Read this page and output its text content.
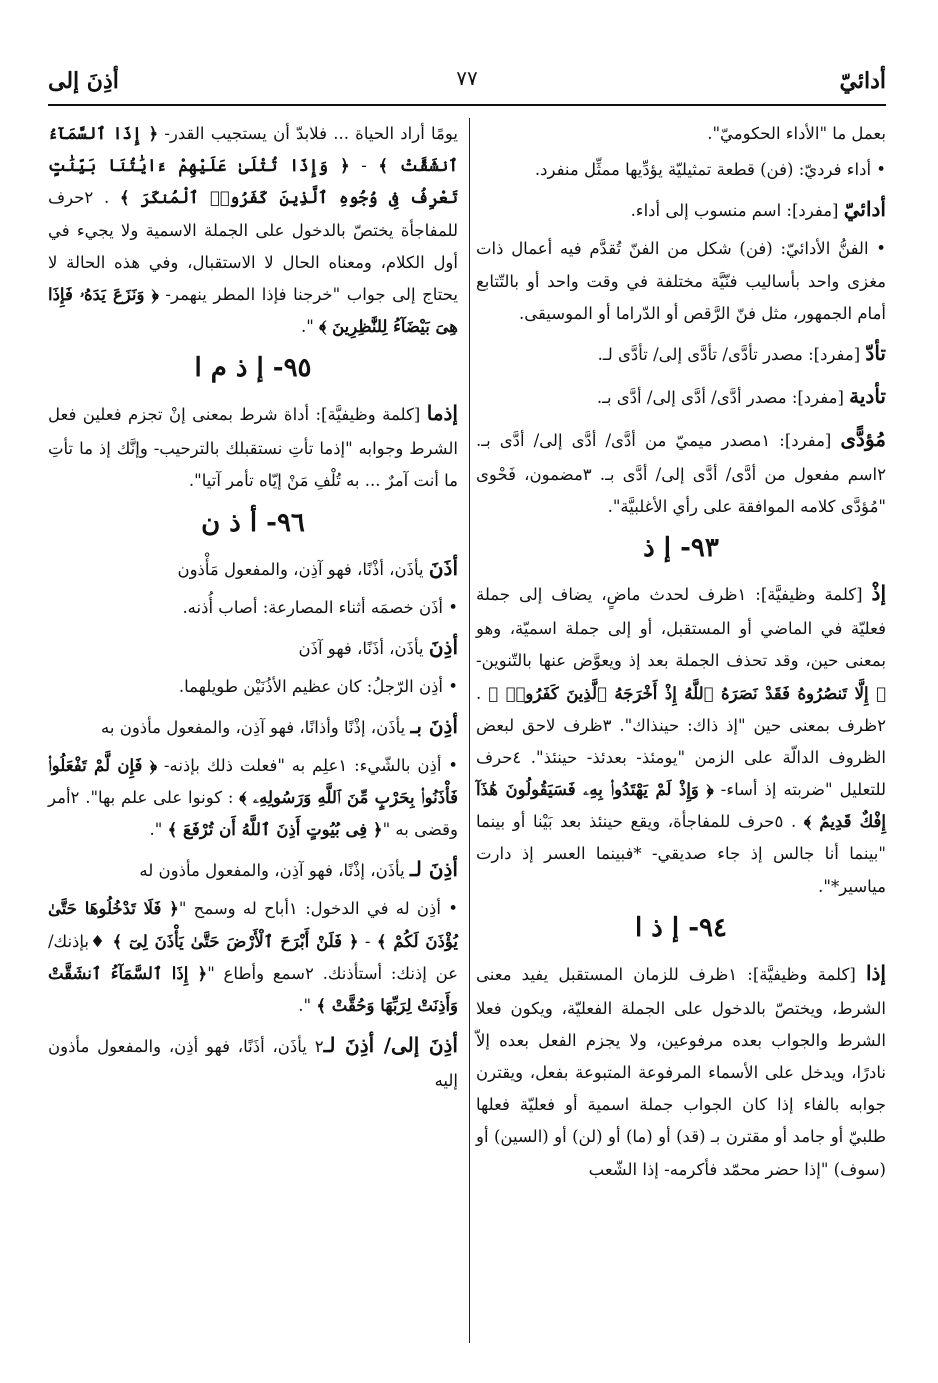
أدائيّ
٧٧
أذِنَ إلى

بعمل ما "الأداء الحكوميّ".

• أداء فرديّ: (فن) قطعة تمثيليّة يؤدِّيها ممثِّل منفرد.

أدائيّ [مفرد]: اسم منسوب إلى أداء.

• الفنُّ الأدائيّ: (فن) شكل من الفنّ تُقدَّم فيه أعمال ذات مغزى واحد بأساليب فنّيَّة مختلفة في وقت واحد أو بالتّتابع أمام الجمهور، مثل فنّ الرَّقص أو الدّراما أو الموسيقى.

تأدّ [مفرد]: مصدر تأدَّى/ تأدَّى إلى/ تأدَّى لـ.

تأدية [مفرد]: مصدر أدَّى/ أدَّى إلى/ أدَّى بـ.

مُؤدًّى [مفرد]: ١مصدر ميميّ من أدَّى/ أدَّى إلى/ أدَّى بـ. ٢اسم مفعول من أدَّى/ أدَّى إلى/ أدَّى بـ. ٣مضمون، فَحْوى "مُؤدَّى كلامه الموافقة على رأي الأغلبيَّة".

٩٣- إ ذ

إذْ [كلمة وظيفيَّة]: ١ظرف لحدث ماضٍ، يضاف إلى جملة فعليّة في الماضي أو المستقبل، أو إلى جملة اسميّة، وهو بمعنى حين، وقد تحذف الجملة بعد إذ ويعوَّض عنها بالتّنوين- ﴿ إِلَّا تَنصُرُوهُ فَقَدْ نَصَرَهُ ٱللَّهُ إِذْ أَخْرَجَهُ ٱلَّذِينَ كَفَرُوا۟ ﴾ . ٢ظرف بمعنى حين "إذ ذاك: حينذاك". ٣ظرف لاحق لبعض الظروف الدالّة على الزمن "يومئذ- بعدئذ- حينئذ". ٤حرف للتعليل "ضربته إذ أساء- ﴿ وَإِذْ لَمْ يَهْتَدُوا۟ بِهِۦ فَسَيَقُولُونَ هَٰذَآ إِفْكٌ قَدِيمٌ ﴾ . ٥حرف للمفاجأة، ويقع حينئذ بعد بَيْنا أو بينما "بينما أنا جالس إذ جاء صديقي- *فبينما العسر إذ دارت مياسير*".

٩٤- إ ذ ا

إذا [كلمة وظيفيَّة]: ١ظرف للزمان المستقبل يفيد معنى الشرط، ويختصّ بالدخول على الجملة الفعليّة، ويكون فعلا الشرط والجواب بعده مرفوعين، ولا يجزم الفعل بعده إلاّ نادرًا، ويدخل على الأسماء المرفوعة المتبوعة بفعل، ويقترن جوابه بالفاء إذا كان الجواب جملة اسمية أو فعليّة فعلها طلبيّ أو جامد أو مقترن بـ (قد) أو (ما) أو (لن) أو (السين) أو (سوف) "إذا حضر محمّد فأكرمه- إذا الشّعب

يومًا أراد الحياة ... فلابدّ أن يستجيب القدر- ﴿ إِذَا ٱلسَّمَآءُ ٱنشَقَّتْ ﴾ - ﴿ وَإِذَا تُتْلَىٰ عَلَيْهِمْ ءَايَٰتُنَا بَيِّنَٰتٍ تَعْرِفُ فِى وُجُوهِ ٱلَّذِينَ كَفَرُوا۟ ٱلْمُنكَرَ ﴾ . ٢حرف للمفاجأة يختصّ بالدخول على الجملة الاسمية ولا يجيء في أول الكلام، ومعناه الحال لا الاستقبال، وفي هذه الحالة لا يحتاج إلى جواب "خرجنا فإذا المطر ينهمر- ﴿ وَنَزَعَ يَدَهُۥ فَإِذَا هِىَ بَيْضَآءُ لِلنَّٰظِرِينَ ﴾ ".

٩٥- إ ذ م ا

إذما [كلمة وظيفيَّة]: أداة شرط بمعنى إنْ تجزم فعلين فعل الشرط وجوابه "إذما تأتِ نستقبلك بالترحيب- وإنَّك إذ ما تأتِ ما أنت آمرٌ ... به تُلْفِ مَنْ إيّاه تأمر آتيا".

٩٦- أ ذ ن

أذَنَ يأذَن، أذْنًا، فهو آذِن، والمفعول مَأْذون

• أذَن خصمَه أثناء المصارعة: أصاب أُذنه.

أذِنَ يأذَن، أذَنًا، فهو آذَن

• أذِن الرّجلُ: كان عظيم الأذُنَيْن طويلهما.

أذِنَ بـ يأذَن، إذْنًا وأذانًا، فهو آذِن، والمفعول مأذون به

• أذِن بالشّيء: ١علِم به "فعلت ذلك بإذنه- ﴿ فَإِن لَّمْ تَفْعَلُوا۟ فَأْذَنُوا۟ بِحَرْبٍ مِّنَ ٱللَّهِ وَرَسُولِهِۦ ﴾ : كونوا على علم بها". ٢أمر وقضى به "﴿ فِى بُيُوتٍ أَذِنَ ٱللَّهُ أَن تُرْفَعَ ﴾ ".

أذِنَ لـ يأذَن، إذْنًا، فهو آذِن، والمفعول مأذون له

• أذِن له في الدخول: ١أباح له وسمح "﴿ فَلَا تَدْخُلُوهَا حَتَّىٰ يُؤْذَنَ لَكُمْ ﴾ - ﴿ فَلَنْ أَبْرَحَ ٱلْأَرْضَ حَتَّىٰ يَأْذَنَ لِىٓ ﴾ ♦بإذنك/ عن إذنك: أستأذنك. ٢سمع وأطاع "﴿ إِذَا ٱلسَّمَآءُ ٱنشَقَّتْ وَأَذِنَتْ لِرَبِّهَا وَحُقَّتْ ﴾ ".

أذِنَ إلى/ أذِنَ لـ٢ يأذَن، أذَنًا، فهو أذِن، والمفعول مأذون إليه
